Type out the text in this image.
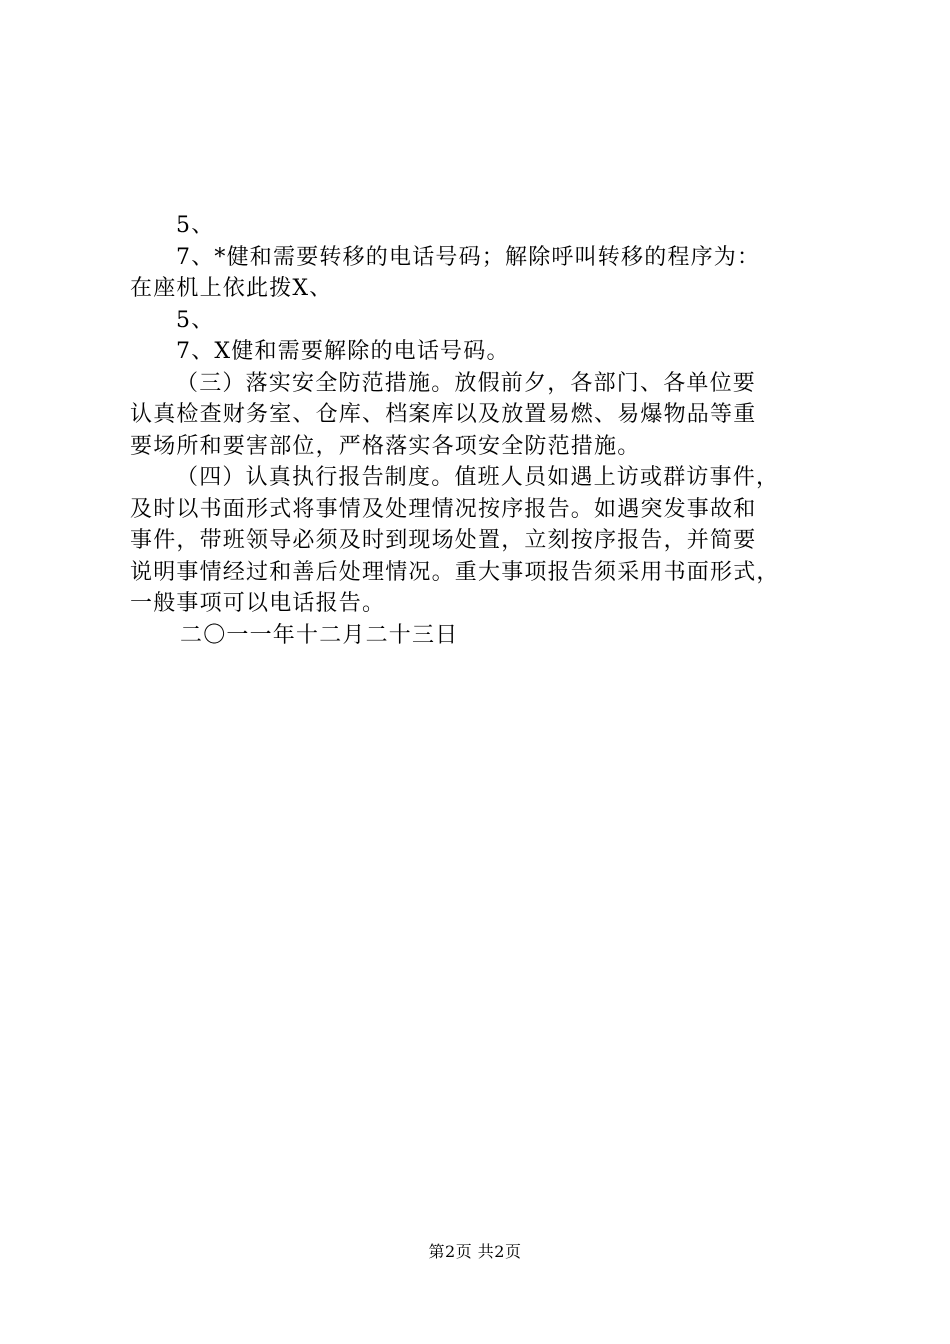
5、
7、*健和需要转移的电话号码；解除呼叫转移的程序为：
在座机上依此拨X、
5、
7、X健和需要解除的电话号码。
（三）落实安全防范措施。放假前夕，各部门、各单位要
认真检查财务室、仓库、档案库以及放置易燃、易爆物品等重
要场所和要害部位，严格落实各项安全防范措施。
（四）认真执行报告制度。值班人员如遇上访或群访事件，
及时以书面形式将事情及处理情况按序报告。如遇突发事故和
事件，带班领导必须及时到现场处置，立刻按序报告，并简要
说明事情经过和善后处理情况。重大事项报告须采用书面形式，
一般事项可以电话报告。
二〇一一年十二月二十三日
第2页 共2页
